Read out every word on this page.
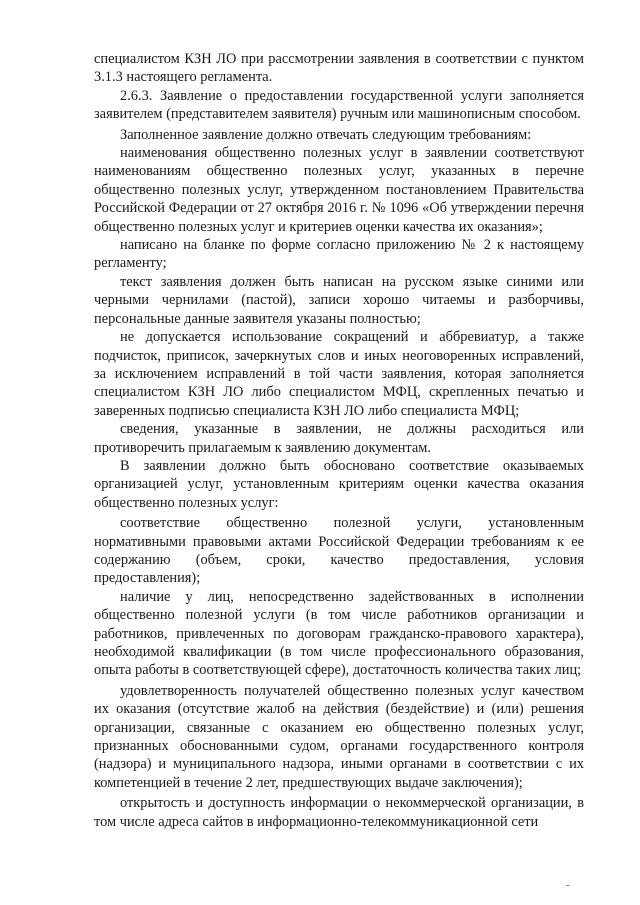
специалистом КЗН ЛО при рассмотрении заявления в соответствии с пунктом 3.1.3 настоящего регламента.

2.6.3. Заявление о предоставлении государственной услуги заполняется заявителем (представителем заявителя) ручным или машинописным способом.

Заполненное заявление должно отвечать следующим требованиям:

наименования общественно полезных услуг в заявлении соответствуют наименованиям общественно полезных услуг, указанных в перечне общественно полезных услуг, утвержденном постановлением Правительства Российской Федерации от 27 октября 2016 г. № 1096 «Об утверждении перечня общественно полезных услуг и критериев оценки качества их оказания»;

написано на бланке по форме согласно приложению № 2 к настоящему регламенту;

текст заявления должен быть написан на русском языке синими или черными чернилами (пастой), записи хорошо читаемы и разборчивы, персональные данные заявителя указаны полностью;

не допускается использование сокращений и аббревиатур, а также подчисток, приписок, зачеркнутых слов и иных неоговоренных исправлений, за исключением исправлений в той части заявления, которая заполняется специалистом КЗН ЛО либо специалистом МФЦ, скрепленных печатью и заверенных подписью специалиста КЗН ЛО либо специалиста МФЦ;

сведения, указанные в заявлении, не должны расходиться или противоречить прилагаемым к заявлению документам.

В заявлении должно быть обосновано соответствие оказываемых организацией услуг, установленным критериям оценки качества оказания общественно полезных услуг:

соответствие общественно полезной услуги, установленным нормативными правовыми актами Российской Федерации требованиям к ее содержанию (объем, сроки, качество предоставления, условия предоставления);

наличие у лиц, непосредственно задействованных в исполнении общественно полезной услуги (в том числе работников организации и работников, привлеченных по договорам гражданско-правового характера), необходимой квалификации (в том числе профессионального образования, опыта работы в соответствующей сфере), достаточность количества таких лиц;

удовлетворенность получателей общественно полезных услуг качеством их оказания (отсутствие жалоб на действия (бездействие) и (или) решения организации, связанные с оказанием ею общественно полезных услуг, признанных обоснованными судом, органами государственного контроля (надзора) и муниципального надзора, иными органами в соответствии с их компетенцией в течение 2 лет, предшествующих выдаче заключения);

открытость и доступность информации о некоммерческой организации, в том числе адреса сайтов в информационно-телекоммуникационной сети

-
